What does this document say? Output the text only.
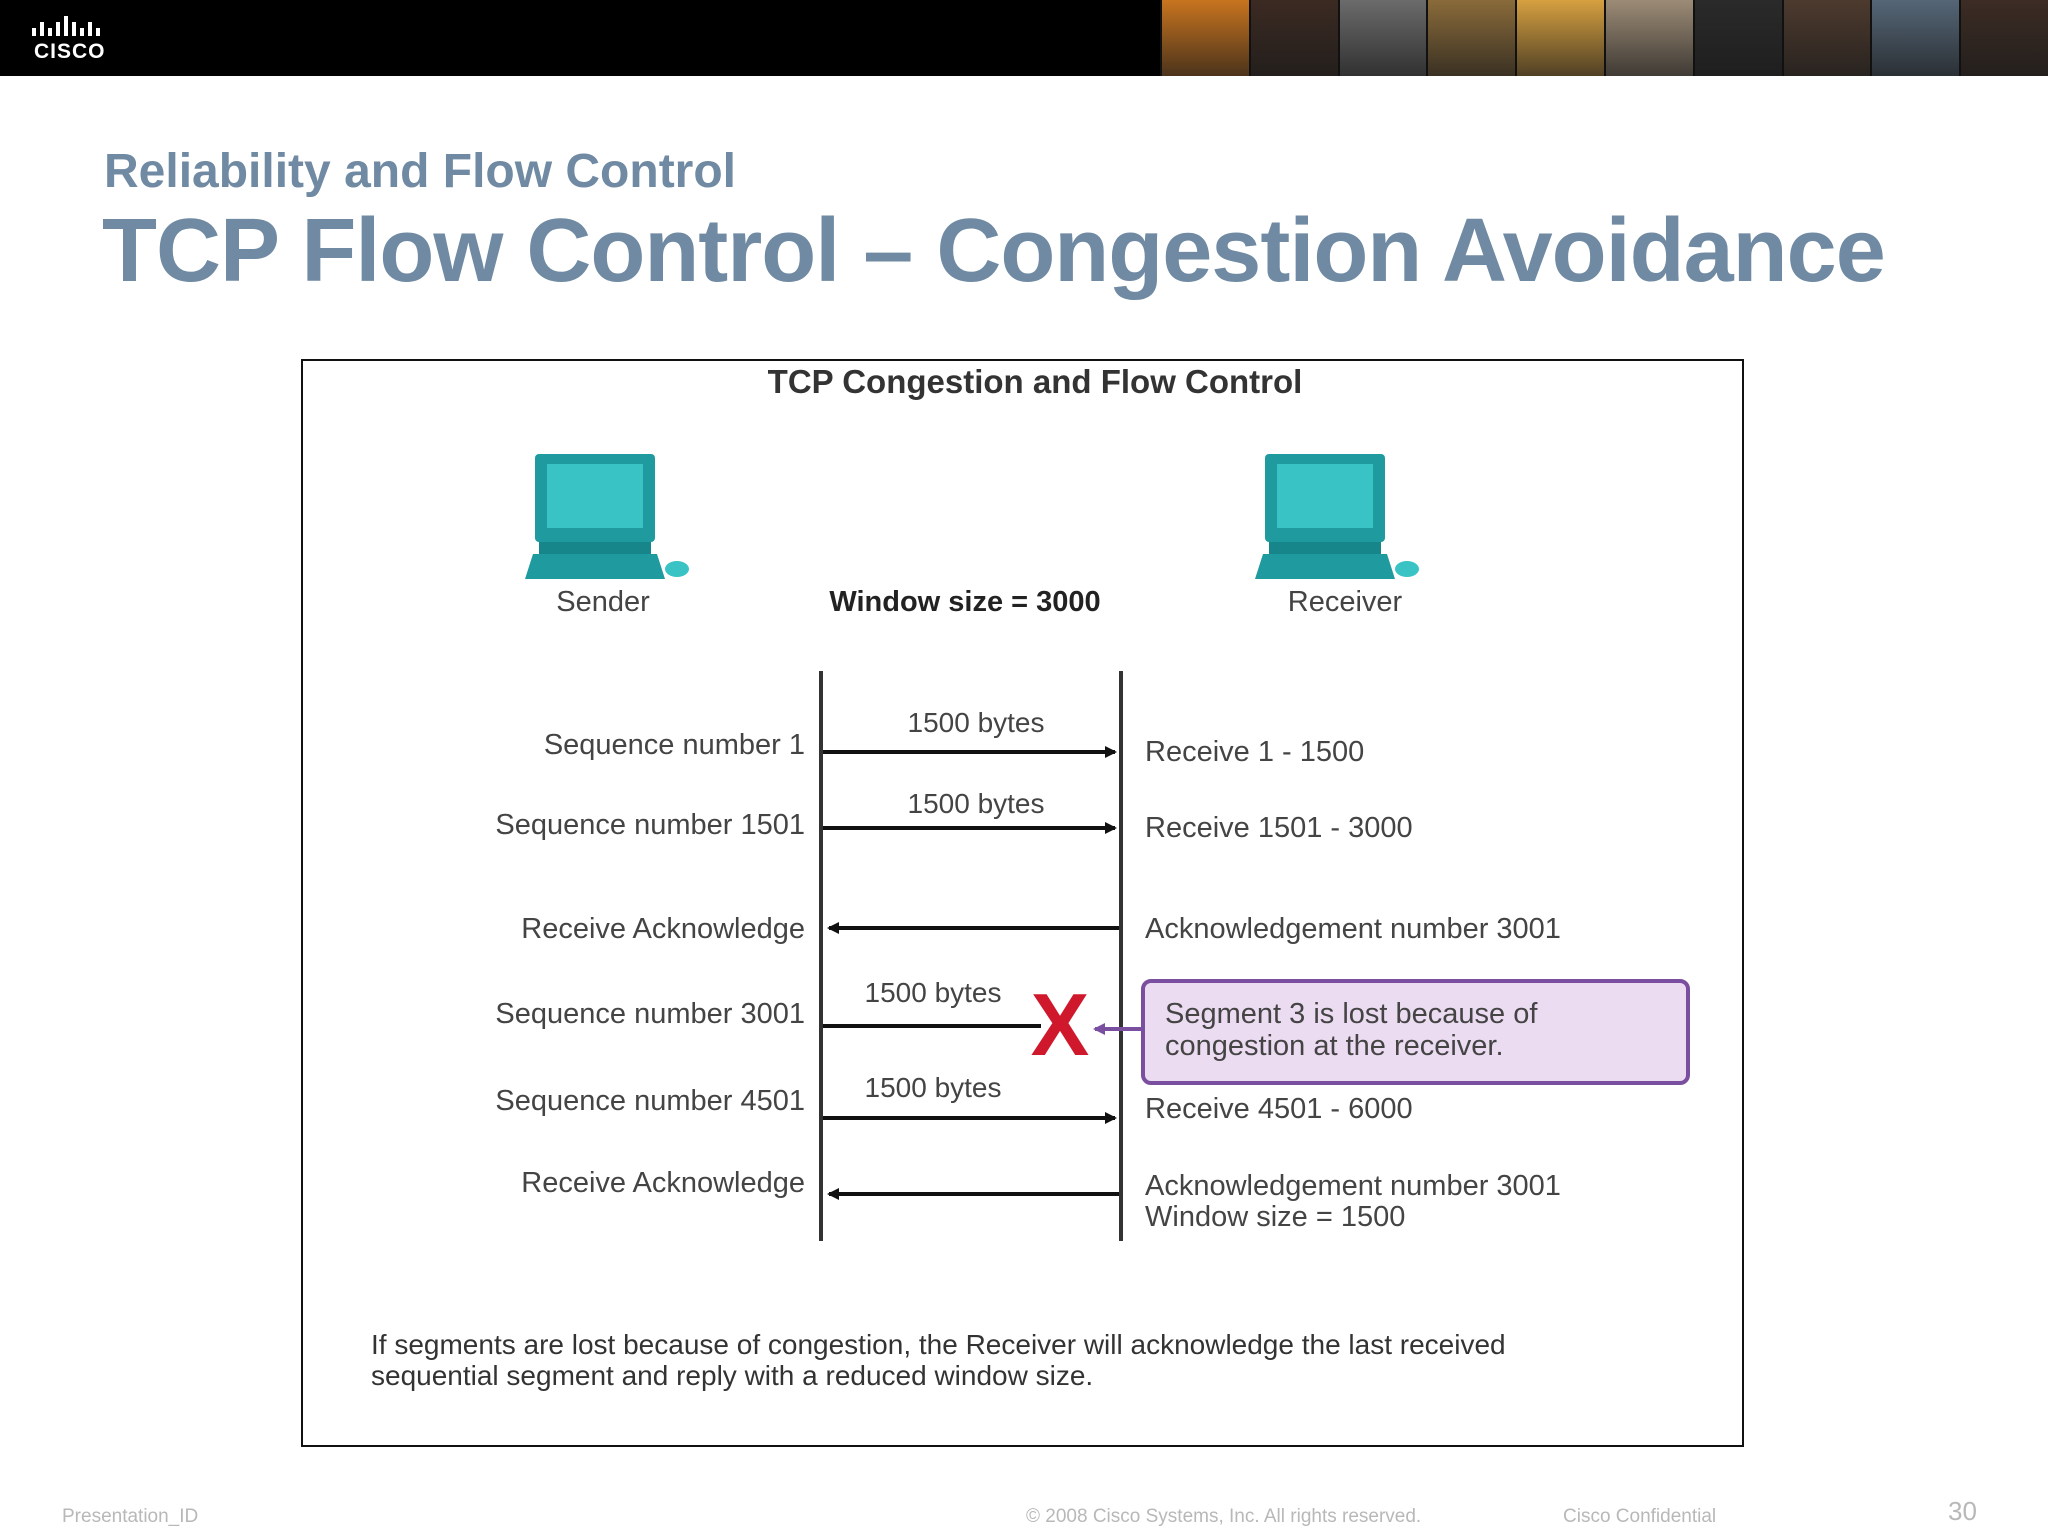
CISCO
Reliability and Flow Control
TCP Flow Control – Congestion Avoidance
TCP Congestion and Flow Control
Sender	Receiver
Window size = 3000
Sequence number 1
1500 bytes
Receive 1 - 1500
Sequence number 1501
1500 bytes
Receive 1501 - 3000
Receive Acknowledge	Acknowledgement number 3001
Sequence number 3001
1500 bytes X	Segment 3 is lost because of
congestion at the receiver.
Sequence number 4501 1500 bytes
Receive 4501 - 6000
Receive Acknowledge	Acknowledgement number 3001
Window size = 1500
If segments are lost because of congestion, the Receiver will acknowledge the last received
sequential segment and reply with a reduced window size.
Presentation_ID	© 2008 Cisco Systems, Inc. All rights reserved.	Cisco Confidential	30
